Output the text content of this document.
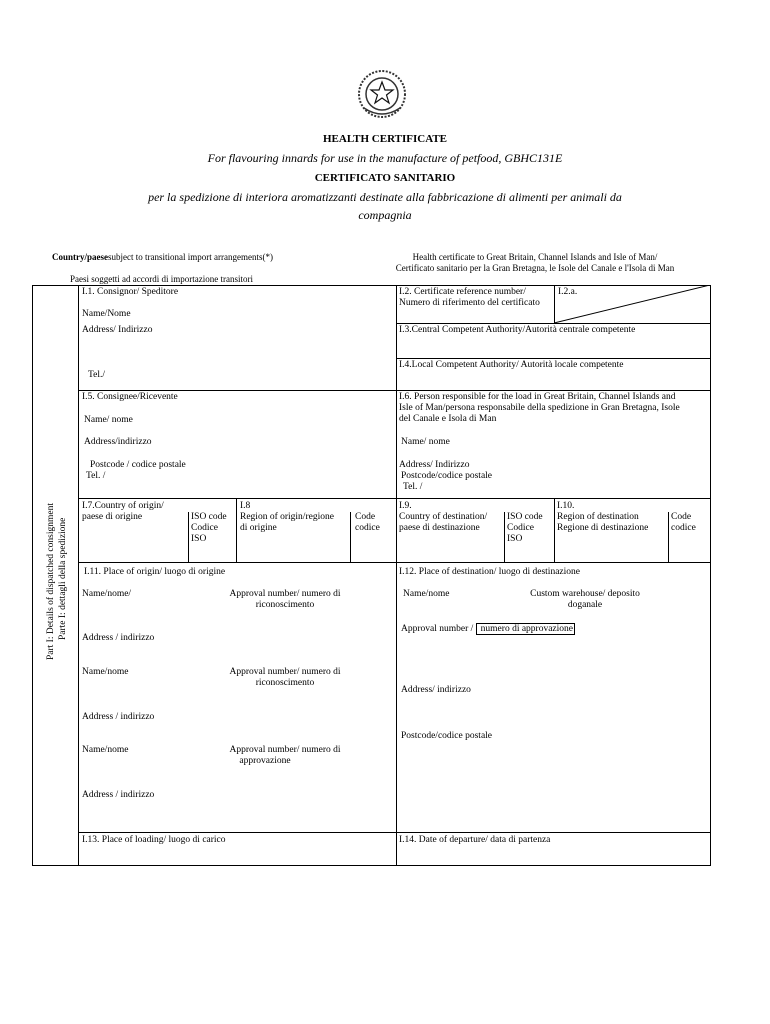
HEALTH CERTIFICATE
For flavouring innards for use in the manufacture of petfood, GBHC131E
CERTIFICATO SANITARIO
per la spedizione di interiora aromatizzanti destinate alla fabbricazione di alimenti per animali da
compagnia
Country/paesesubject to transitional import arrangements(*)
Paesi soggetti ad accordi di importazione transitori
Health certificate to Great Britain, Channel Islands and Isle of Man/
Certificato sanitario per la Gran Bretagna, le Isole del Canale e l'Isola di Man
Part I: Details of dispatched consignment Parte I: dettagli della spedizione
I.1. Consignor/ Speditore
Name/Nome
Address/ Indirizzo
Tel./
I.2. Certificate reference number/
Numero di riferimento del certificato
I.2.a.
I.3.Central Competent Authority/Autorità centrale competente
I.4.Local Competent Authority/ Autorità locale competente
I.5. Consignee/Ricevente
Name/ nome
Address/indirizzo
Postcode / codice postale
Tel. /
I.6. Person responsible for the load in Great Britain, Channel Islands and
Isle of Man/persona responsabile della spedizione in Gran Bretagna, Isole
del Canale e Isola di Man
Name/ nome
Address/ Indirizzo
Postcode/codice postale
Tel. /
I.7.Country of origin/
paese di origine	ISO code
Codice
ISO
I.8
Region of origin/regione
di origine
Code
codice
I.9.
Country of destination/
paese di destinazione
ISO code
Codice
ISO
I.10.
Region of destination
Regione di destinazione
Code
codice
I.11. Place of origin/ luogo di origine
Name/nome/	Approval number/ numero di
riconoscimento
Address / indirizzo
Name/nome	Approval number/ numero di
riconoscimento
Address / indirizzo
Name/nome	Approval number/ numero di
approvazione
Address / indirizzo
I.12. Place of destination/ luogo di destinazione
Name/nome	Custom warehouse/ deposito
doganale
Approval number / numero di approvazione
Address/ indirizzo
Postcode/codice postale
I.13. Place of loading/ luogo di carico	I.14. Date of departure/ data di partenza
